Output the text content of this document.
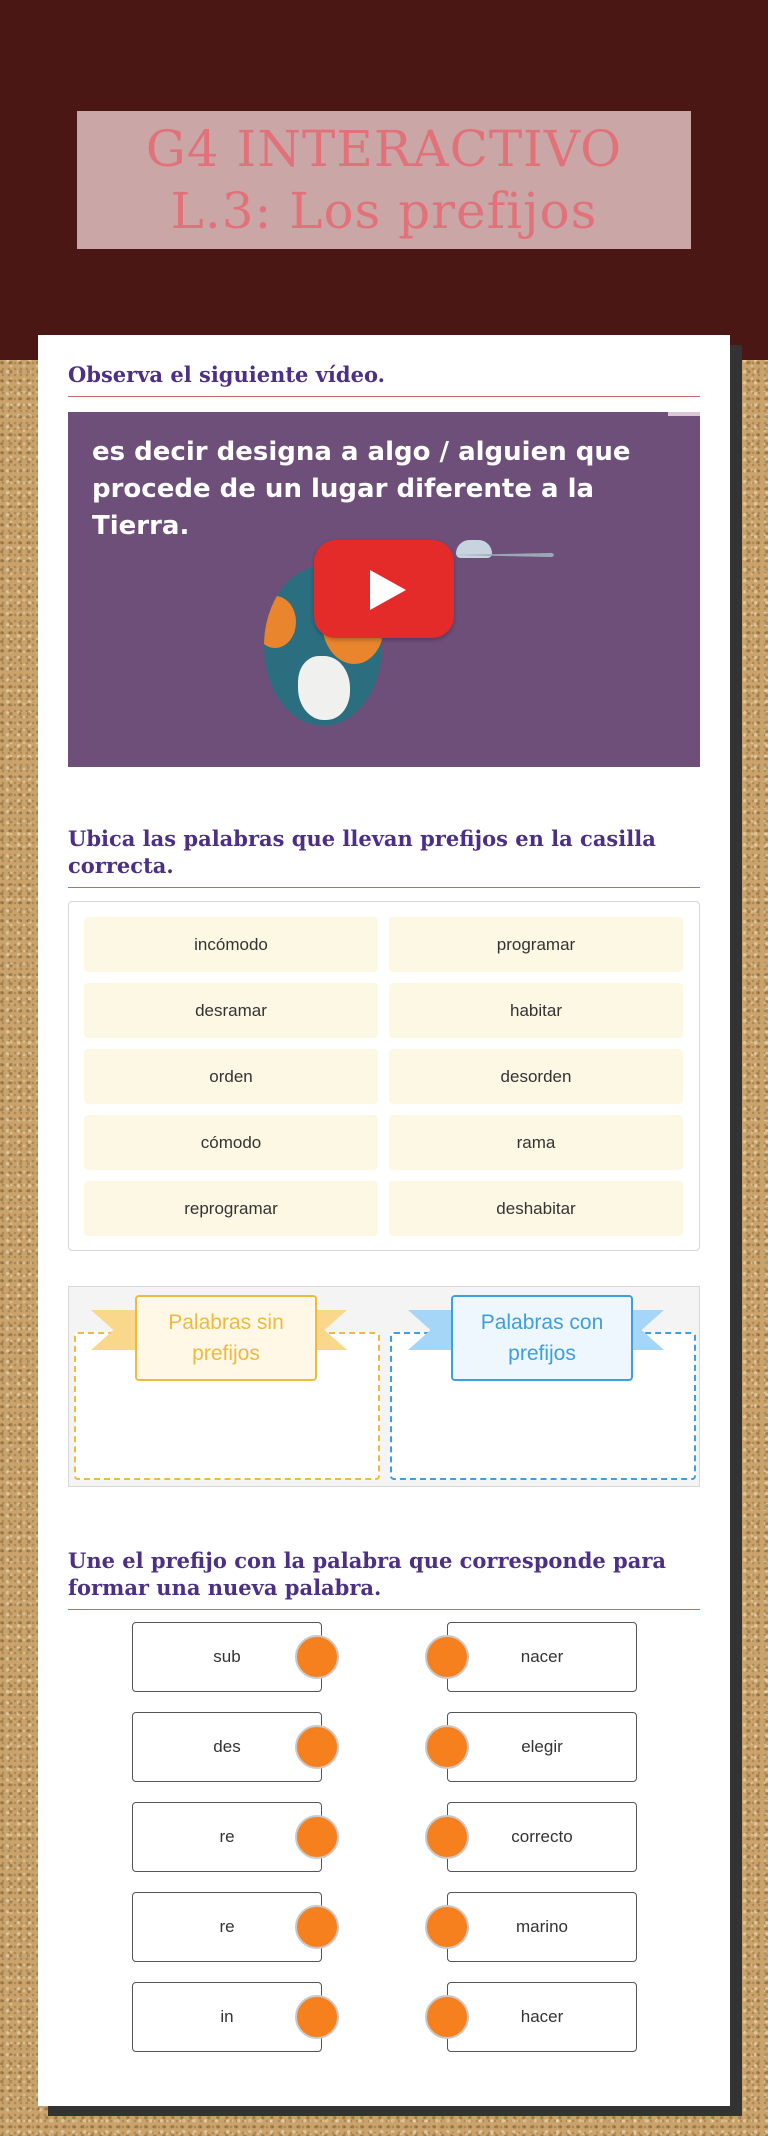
G4 INTERACTIVO
L.3: Los prefijos
Observa el siguiente vídeo.
es decir designa a algo / alguien que procede de un lugar diferente a la Tierra.
Ubica las palabras que llevan prefijos en la casilla correcta.
incómodo	programar
desramar	habitar
orden	desorden
cómodo	rama
reprogramar	deshabitar
Palabras sin prefijos
Palabras con prefijos
Une el prefijo con la palabra que corresponde para formar una nueva palabra.
sub	nacer
des	elegir
re	correcto
re	marino
in	hacer
